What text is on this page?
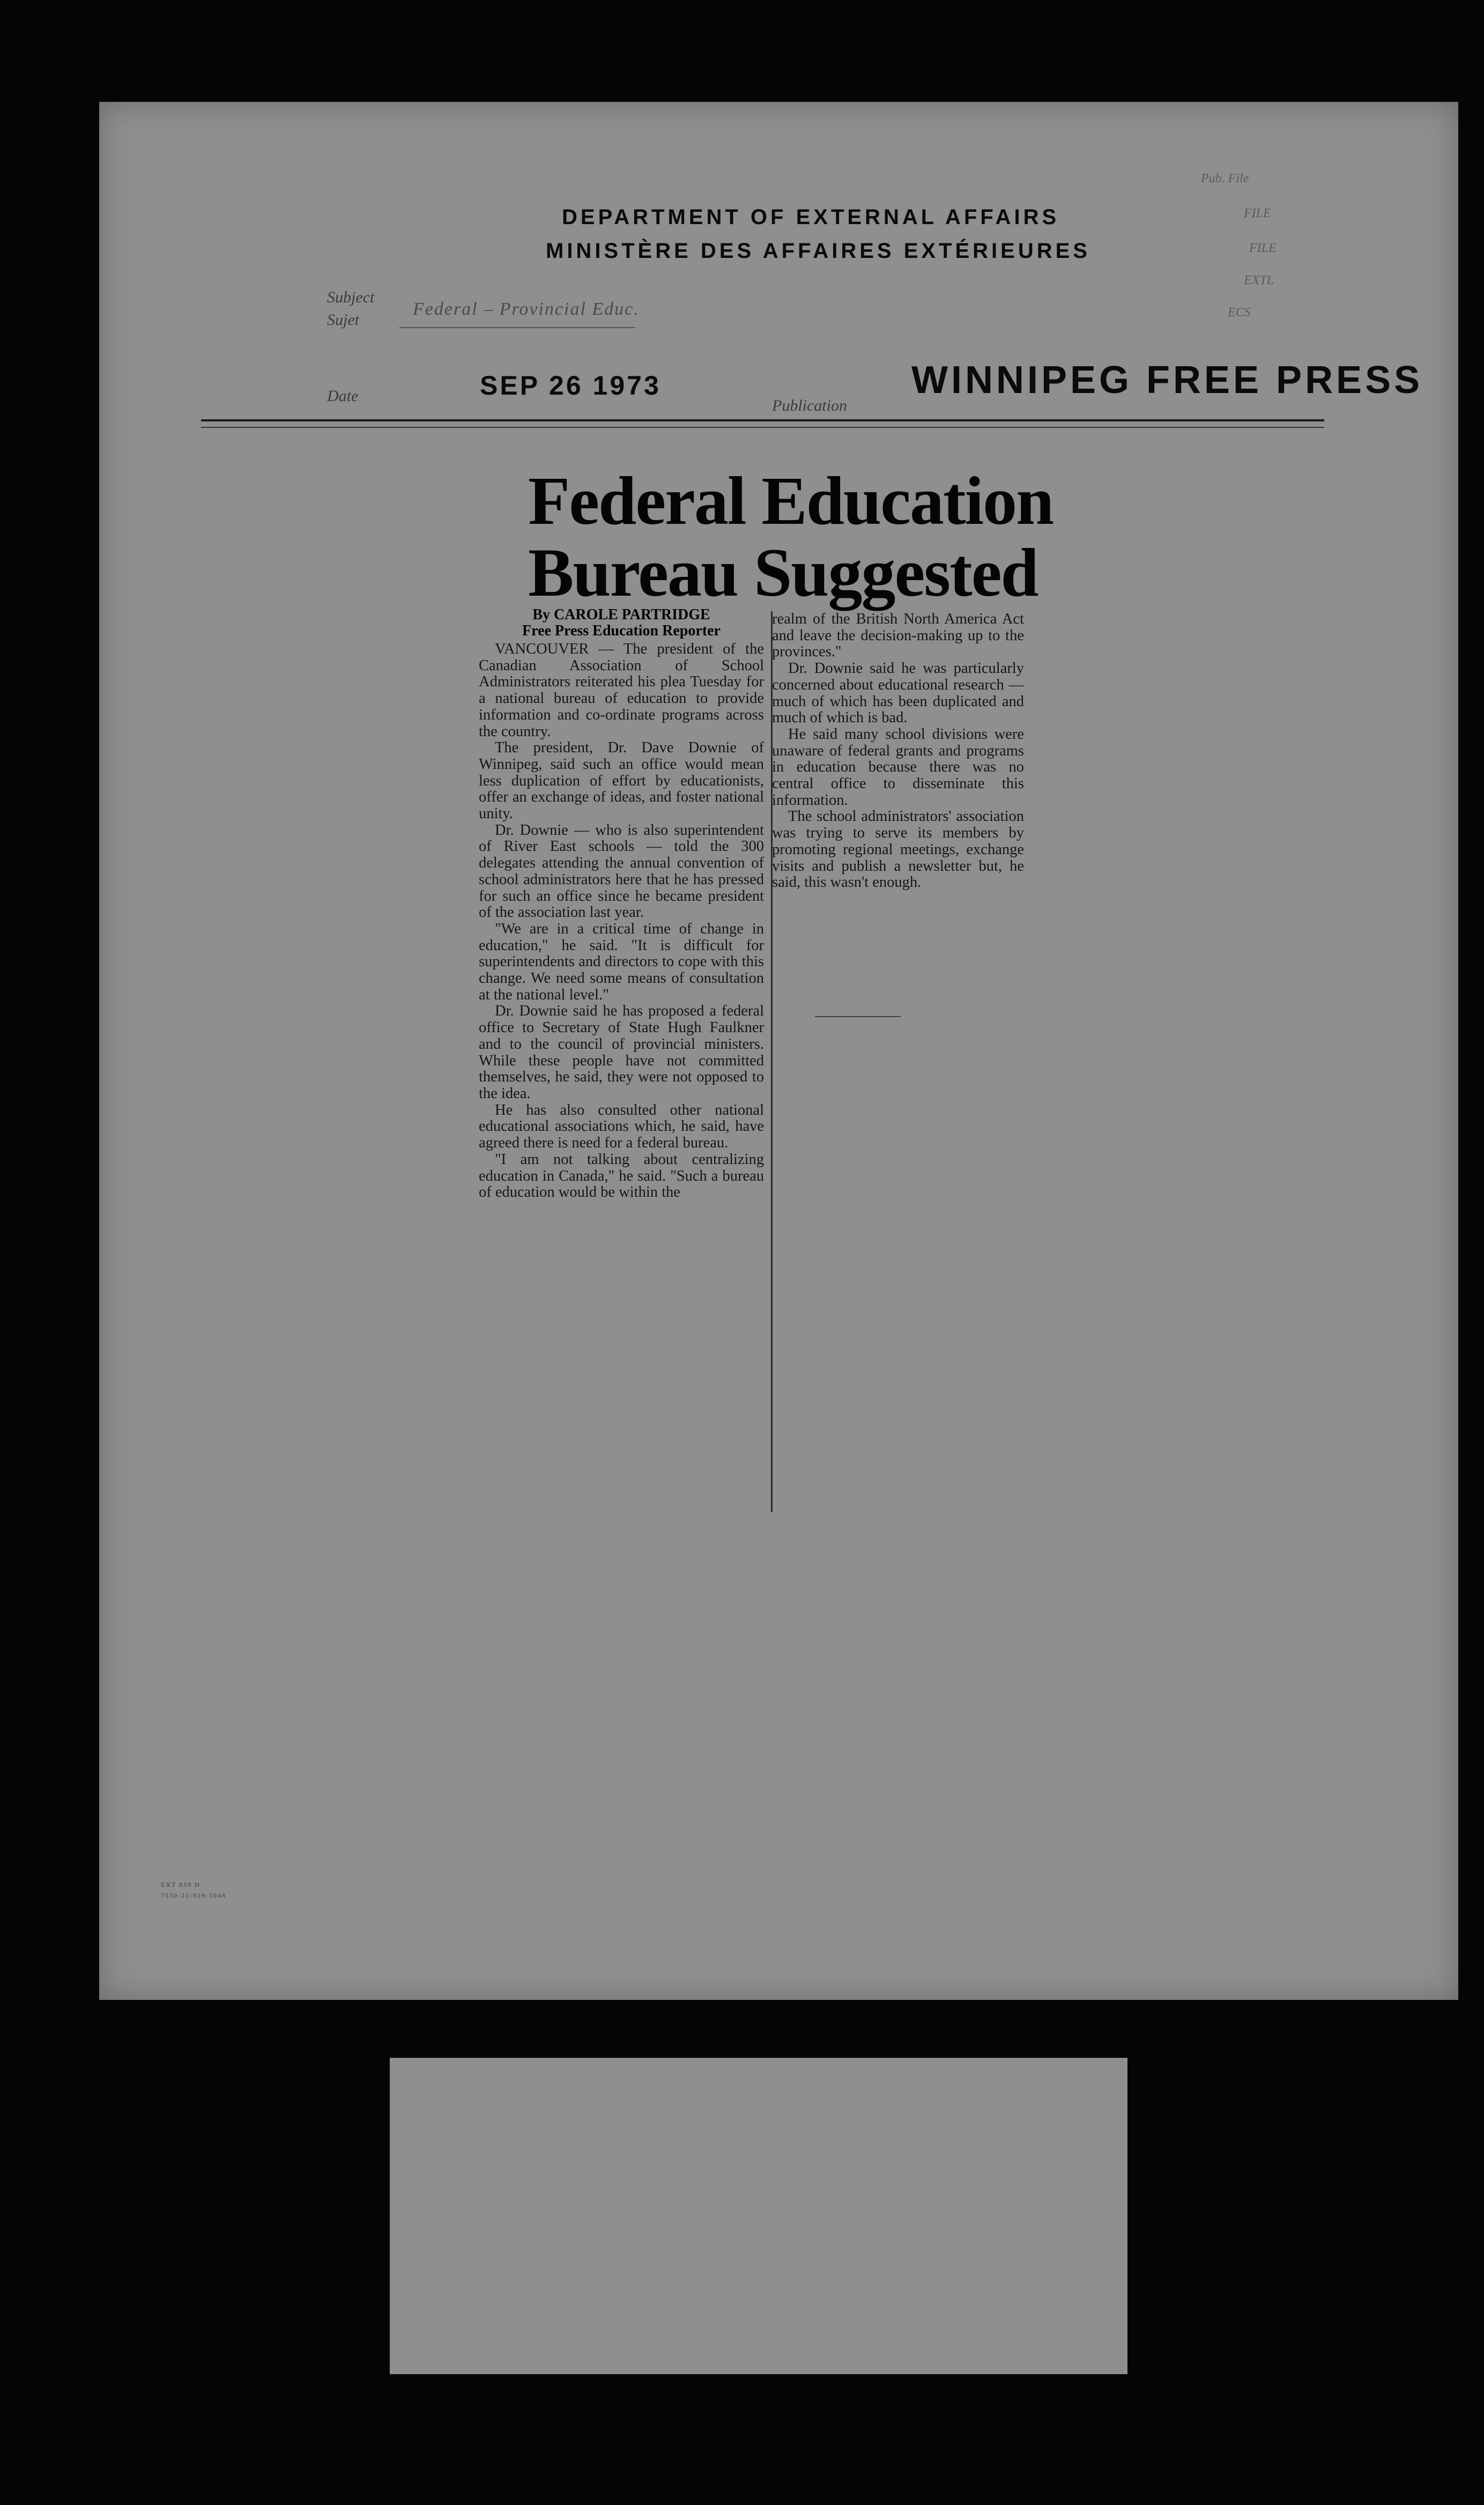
DEPARTMENT OF EXTERNAL AFFAIRS
MINISTÈRE DES AFFAIRES EXTÉRIEURES
Pub. File
FILE
FILE
EXTL
ECS
Subject
Sujet
Federal – Provincial Educ.
Date	SEP 26 1973
Publication
WINNIPEG FREE PRESS
Federal Education
Bureau Suggested
By CAROLE PARTRIDGE
Free Press Education Reporter

VANCOUVER — The president of the Canadian Association of School Administrators reiterated his plea Tuesday for a national bureau of education to provide information and co-ordinate programs across the country.

The president, Dr. Dave Downie of Winnipeg, said such an office would mean less duplication of effort by educationists, offer an exchange of ideas, and foster national unity.

Dr. Downie — who is also superintendent of River East schools — told the 300 delegates attending the annual convention of school administrators here that he has pressed for such an office since he became president of the association last year.

"We are in a critical time of change in education," he said. "It is difficult for superintendents and directors to cope with this change. We need some means of consultation at the national level."

Dr. Downie said he has proposed a federal office to Secretary of State Hugh Faulkner and to the council of provincial ministers. While these people have not committed themselves, he said, they were not opposed to the idea.

He has also consulted other national educational associations which, he said, have agreed there is need for a federal bureau.

"I am not talking about centralizing education in Canada," he said. "Such a bureau of education would be within the

realm of the British North America Act and leave the decision-making up to the provinces."

Dr. Downie said he was particularly concerned about educational research — much of which has been duplicated and much of which is bad.

He said many school divisions were unaware of federal grants and programs in education because there was no central office to disseminate this information.

The school administrators' association was trying to serve its members by promoting regional meetings, exchange visits and publish a newsletter but, he said, this wasn't enough.

EXT 839 D
7530-21-029-5048
